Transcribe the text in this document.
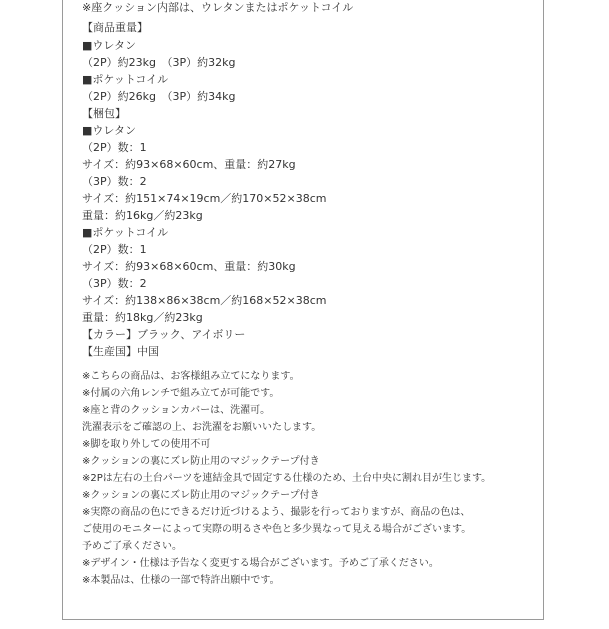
※座クッション内部は、ウレタンまたはポケットコイル
【商品重量】
■ウレタン
（2P）約23kg　（3P）約32kg
■ポケットコイル
（2P）約26kg　（3P）約34kg
【梱包】
■ウレタン
（2P）数：1
サイズ：約93×68×60cm、重量：約27kg
（3P）数：2
サイズ：約151×74×19cm／約170×52×38cm
重量：約16kg／約23kg
■ポケットコイル
（2P）数：1
サイズ：約93×68×60cm、重量：約30kg
（3P）数：2
サイズ：約138×86×38cm／約168×52×38cm
重量：約18kg／約23kg
【カラー】ブラック、アイボリー
【生産国】中国
※こちらの商品は、お客様組み立てになります。
※付属の六角レンチで組み立てが可能です。
※座と背のクッションカバーは、洗濯可。
洗濯表示をご確認の上、お洗濯をお願いいたします。
※脚を取り外しての使用不可
※クッションの裏にズレ防止用のマジックテープ付き
※2Pは左右の土台パーツを連結金具で固定する仕様のため、土台中央に割れ目が生じます。
※クッションの裏にズレ防止用のマジックテープ付き
※実際の商品の色にできるだけ近づけるよう、撮影を行っておりますが、商品の色は、
ご使用のモニターによって実際の明るさや色と多少異なって見える場合がございます。
予めご了承ください。
※デザイン・仕様は予告なく変更する場合がございます。予めご了承ください。
※本製品は、仕様の一部で特許出願中です。
